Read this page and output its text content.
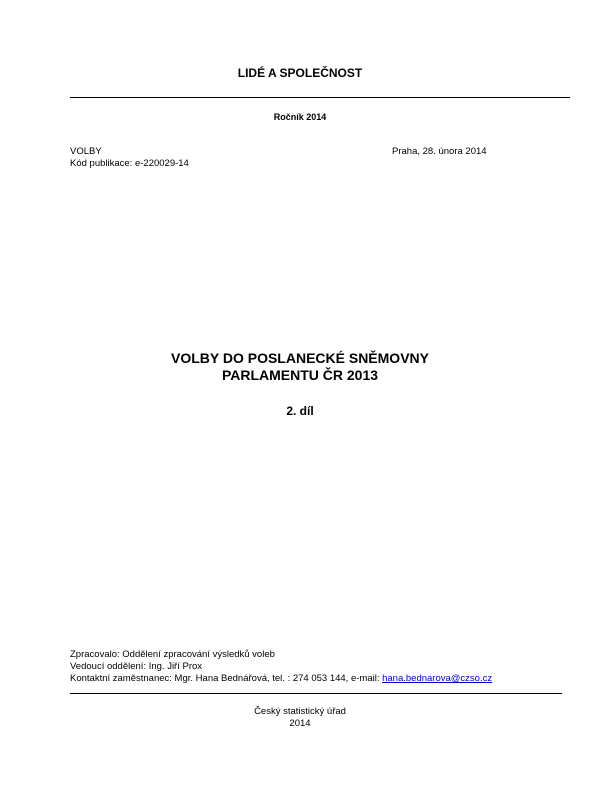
LIDÉ A SPOLEČNOST
Ročník 2014
VOLBY
Kód publikace: e-220029-14
Praha, 28. února 2014
VOLBY DO POSLANECKÉ SNĚMOVNY
PARLAMENTU ČR 2013
2. díl
Zpracovalo: Oddělení zpracování výsledků voleb
Vedoucí oddělení: Ing. Jiří Prox
Kontaktní zaměstnanec: Mgr. Hana Bednářová, tel. : 274 053 144, e-mail: hana.bednarova@czso.cz
Český statistický úřad
2014
